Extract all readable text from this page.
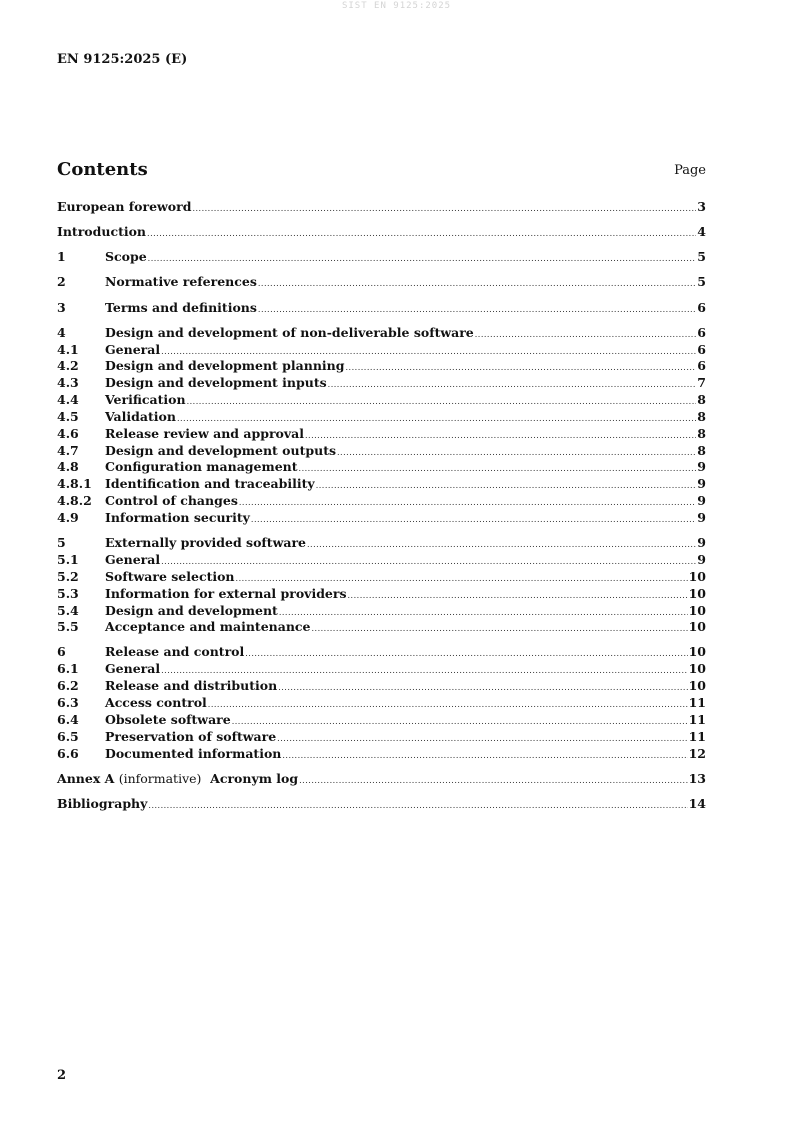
SIST EN 9125:2025
EN 9125:2025 (E)
Contents	Page
European foreword .....	3
Introduction .....	4
1	Scope .....	5
2	Normative references .....	5
3	Terms and definitions .....	6
4	Design and development of non-deliverable software .....	6
4.1	General .....	6
4.2	Design and development planning .....	6
4.3	Design and development inputs .....	7
4.4	Verification .....	8
4.5	Validation .....	8
4.6	Release review and approval .....	8
4.7	Design and development outputs .....	8
4.8	Configuration management .....	9
4.8.1	Identification and traceability .....	9
4.8.2	Control of changes .....	9
4.9	Information security .....	9
5	Externally provided software .....	9
5.1	General .....	9
5.2	Software selection .....	10
5.3	Information for external providers .....	10
5.4	Design and development .....	10
5.5	Acceptance and maintenance .....	10
6	Release and control .....	10
6.1	General .....	10
6.2	Release and distribution .....	10
6.3	Access control .....	11
6.4	Obsolete software .....	11
6.5	Preservation of software .....	11
6.6	Documented information .....	12
Annex A (informative) Acronym log .....	13
Bibliography .....	14
2
